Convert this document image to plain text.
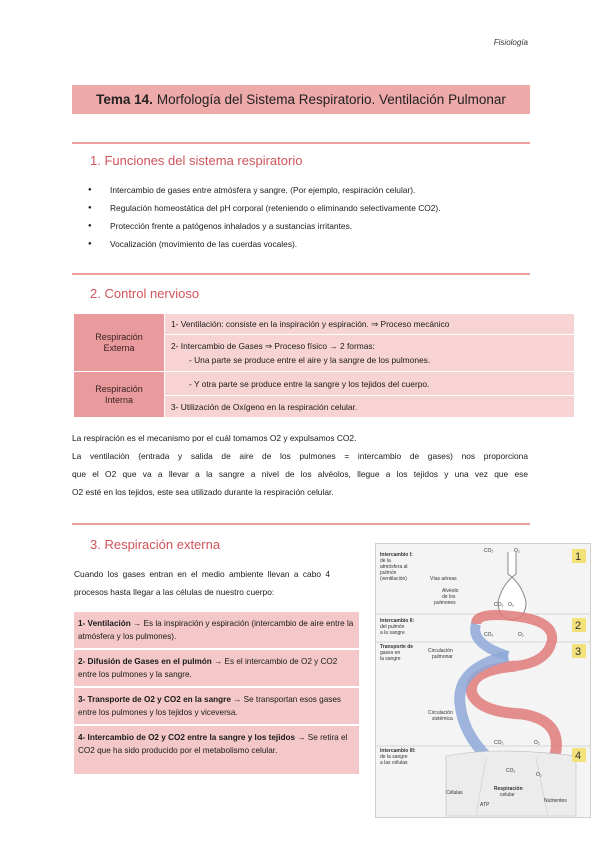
Fisiología
Tema 14. Morfología del Sistema Respiratorio. Ventilación Pulmonar
1. Funciones del sistema respiratorio
● Intercambio de gases entre atmósfera y sangre. (Por ejemplo, respiración celular).
● Regulación homeostática del pH corporal (reteniendo o eliminando selectivamente CO2).
● Protección frente a patógenos inhalados y a sustancias irritantes.
● Vocalización (movimiento de las cuerdas vocales).
2. Control nervioso
Respiración Externa	1- Ventilación: consiste en la inspiración y espiración. ⇒ Proceso mecánico

	2- Intercambio de Gases ⇒ Proceso físico → 2 formas:
- Una parte se produce entre el aire y la sangre de los pulmones.

Respiración Interna	- Y otra parte se produce entre la sangre y los tejidos del cuerpo.

	3- Utilización de Oxígeno en la respiración celular.
La respiración es el mecanismo por el cuál tomamos O2 y expulsamos CO2.
La ventilación (entrada y salida de aire de los pulmones = intercambio de gases) nos proporciona
que el O2 que va a llevar a la sangre a nivel de los alvéolos, llegue a los tejidos y una vez que ese
O2 esté en los tejidos, este sea utilizado durante la respiración celular.
3. Respiración externa
Cuando los gases entran en el medio ambiente llevan a cabo 4
procesos hasta llegar a las células de nuestro cuerpo:
1- Ventilación → Es la inspiración y espiración (intercambio de aire entre la atmósfera y los pulmones).
2- Difusión de Gases en el pulmón → Es el intercambio de O2 y CO2 entre los pulmones y la sangre.
3- Transporte de O2 y CO2 en la sangre → Se transportan esos gases entre los pulmones y los tejidos y viceversa.
4- Intercambio de O2 y CO2 entre la sangre y los tejidos → Se retira el CO2 que ha sido producido por el metabolismo celular.
Intercambio I:
de la
atmósfera al
pulmón
(ventilación)
Intercambio II:
del pulmón
a la sangre
Transporte de
gases en
la sangre
Intercambio III:
de la sangre
a las células
Vías aéreas
Alvéolo
de los
pulmones
Circulación
pulmonar
Circulación
sistémica
Células
Respiración
celular
Nutrientes
ATP
CO₂	O₂
CO₂ O₂
CO₂	O₂
CO₂	O₂
CO₂
O₂
1
2
3
4
